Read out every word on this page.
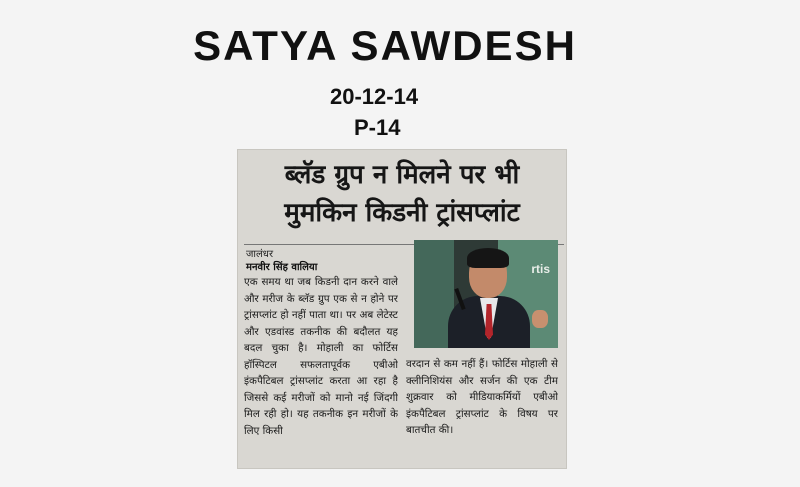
SATYA SAWDESH
20-12-14
P-14
ब्लॅड ग्रुप न मिलने पर भी
मुमकिन किडनी ट्रांसप्लांट
जालंधर
मनवीर सिंह वालिया
एक समय था जब किडनी दान करने वाले और मरीज के ब्लॅड ग्रुप एक से न होने पर ट्रांसप्लांट हो नहीं पाता था। पर अब लेटेस्ट और एडवांस्ड तकनीक की बदौलत यह बदल चुका है। मोहाली का फोर्टिस हॉस्पिटल सफलतापूर्वक एबीओ इंकपैटिबल ट्रांसप्लांट करता आ रहा है जिससे कई मरीजों को मानो नई जिंदगी मिल रही हो। यह तकनीक इन मरीजों के लिए किसी
rtis
वरदान से कम नहीं हैं। फोर्टिस मोहाली से क्लीनिशियंस और सर्जन की एक टीम शुक्रवार को मीडियाकर्मियों एबीओ इंकपैटिबल ट्रांसप्लांट के विषय पर बातचीत की।
